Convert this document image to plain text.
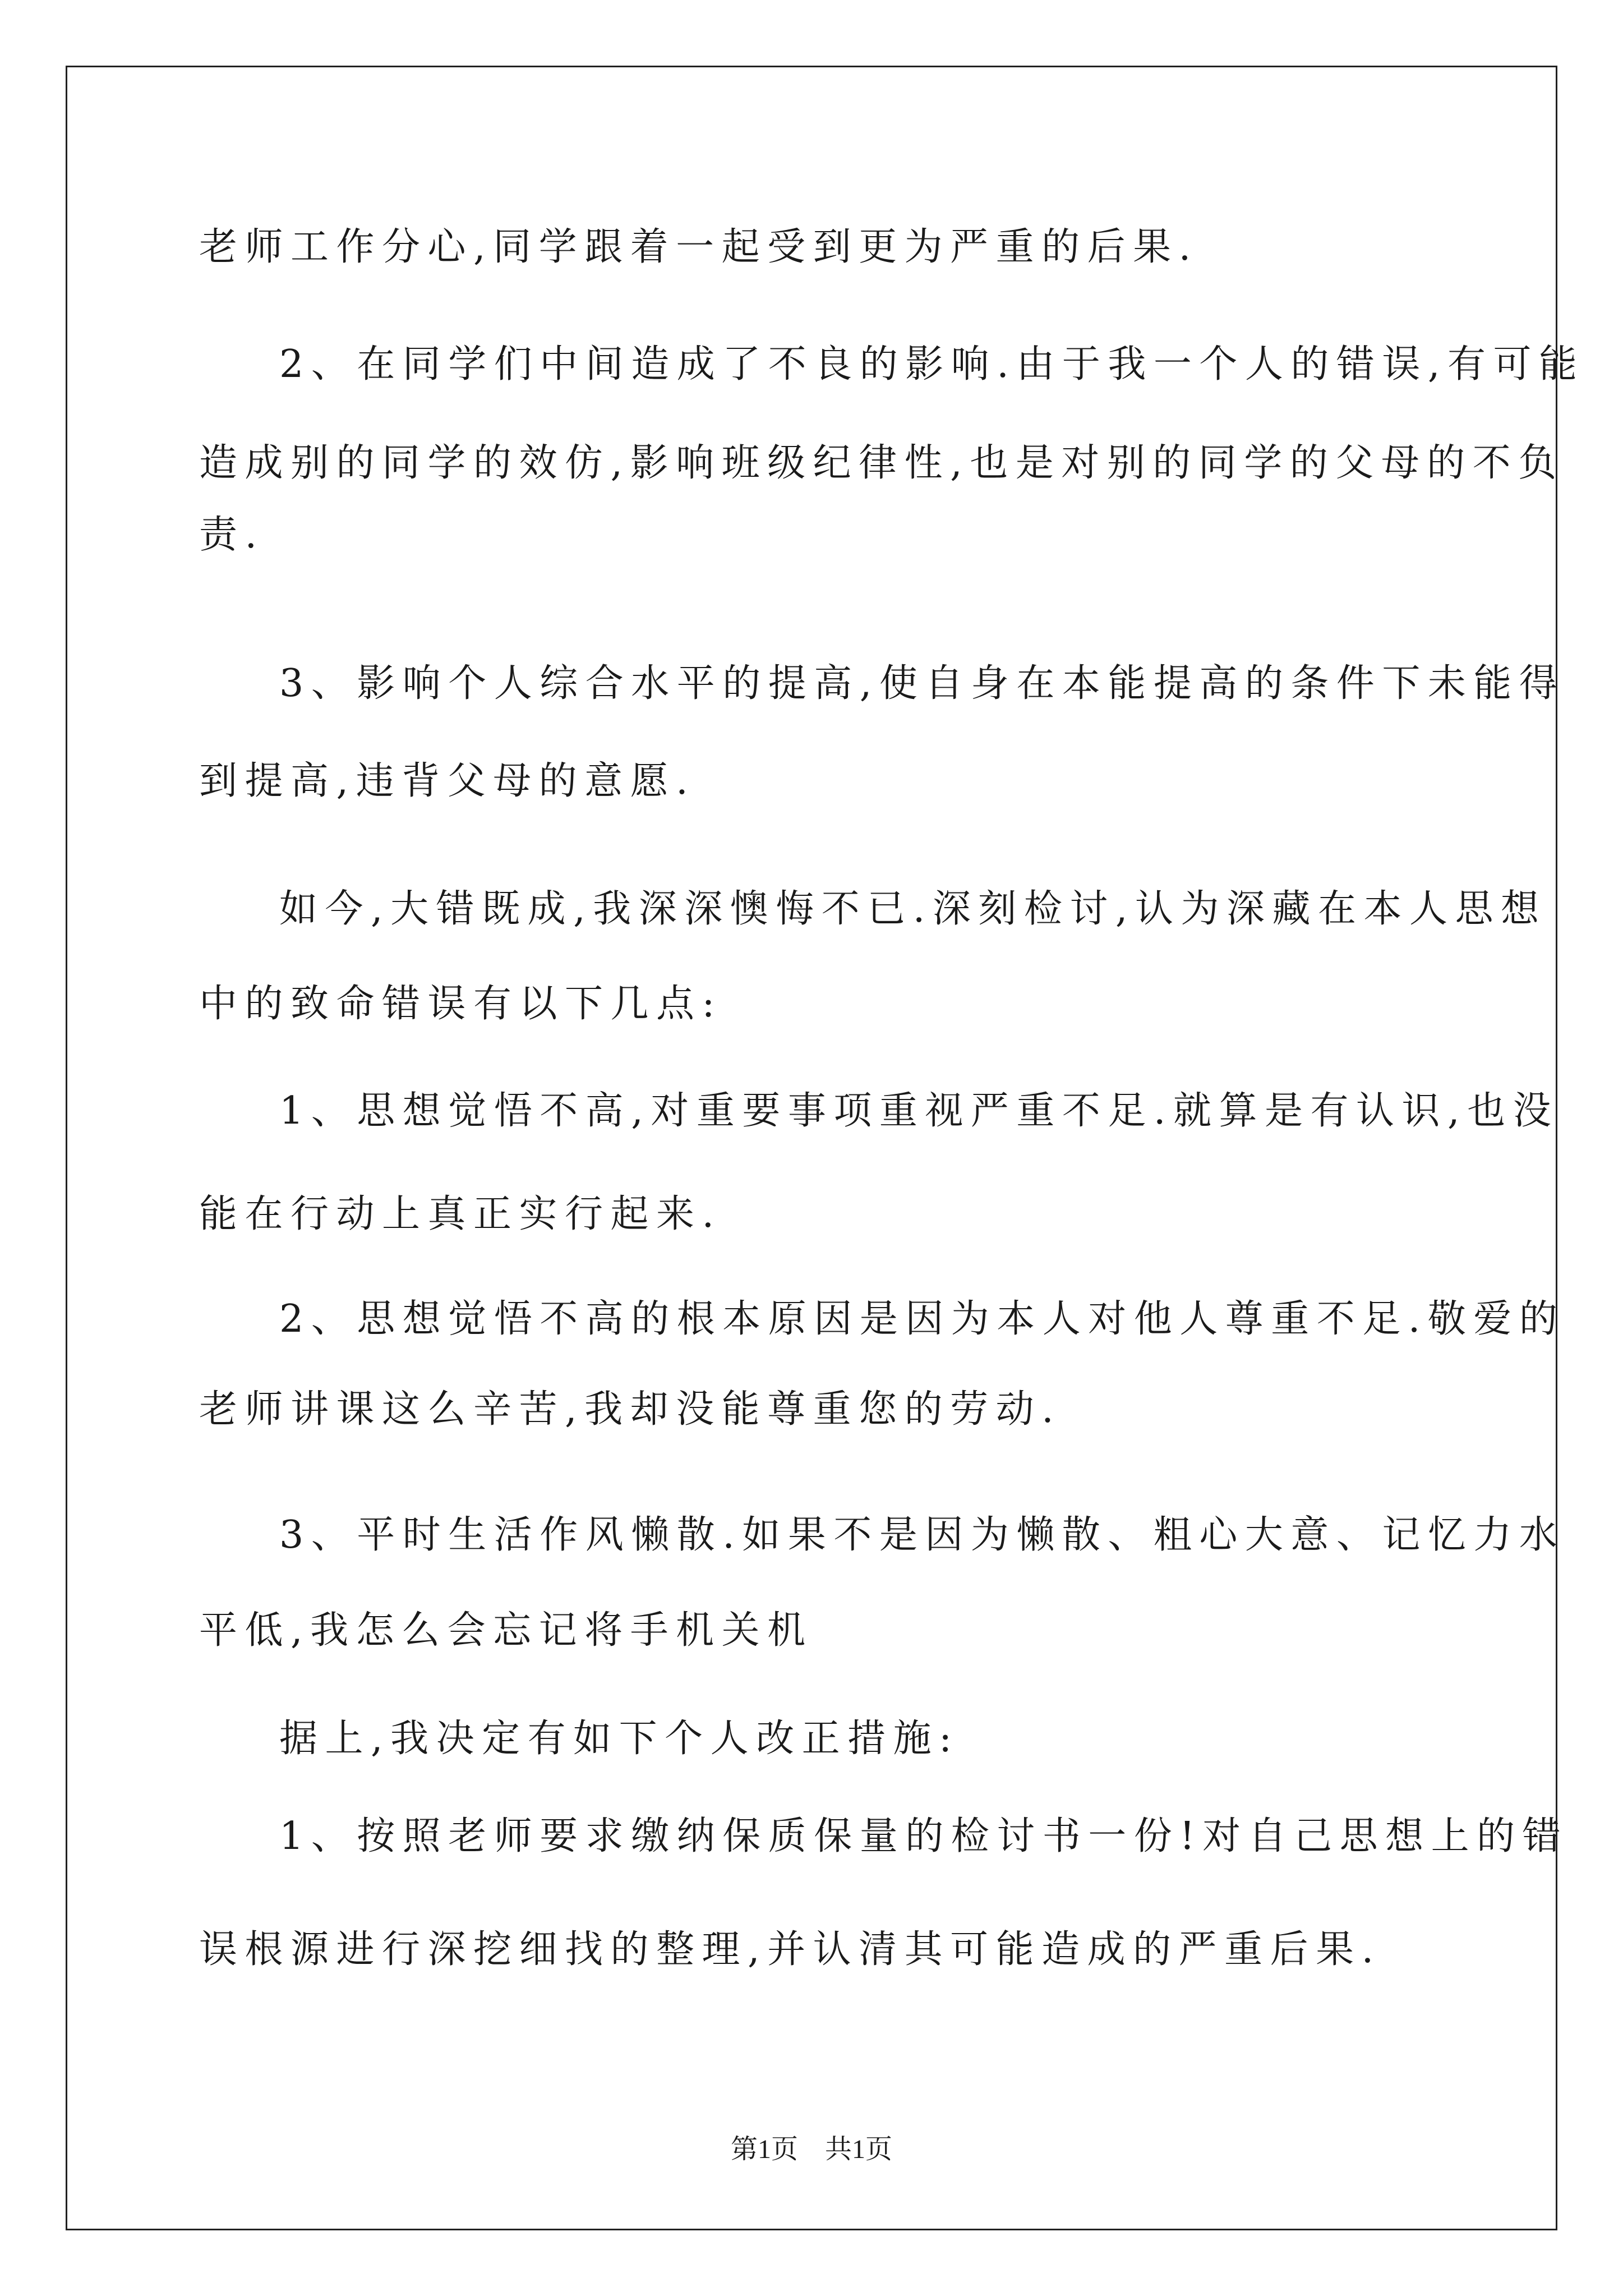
老师工作分心,同学跟着一起受到更为严重的后果.
2、在同学们中间造成了不良的影响.由于我一个人的错误,有可能
造成别的同学的效仿,影响班级纪律性,也是对别的同学的父母的不负
责.
3、影响个人综合水平的提高,使自身在本能提高的条件下未能得
到提高,违背父母的意愿.
如今,大错既成,我深深懊悔不已.深刻检讨,认为深藏在本人思想
中的致命错误有以下几点:
1、思想觉悟不高,对重要事项重视严重不足.就算是有认识,也没
能在行动上真正实行起来.
2、思想觉悟不高的根本原因是因为本人对他人尊重不足.敬爱的
老师讲课这么辛苦,我却没能尊重您的劳动.
3、平时生活作风懒散.如果不是因为懒散、粗心大意、记忆力水
平低,我怎么会忘记将手机关机
据上,我决定有如下个人改正措施:
1、按照老师要求缴纳保质保量的检讨书一份!对自己思想上的错
误根源进行深挖细找的整理,并认清其可能造成的严重后果.
第1页　共1页
